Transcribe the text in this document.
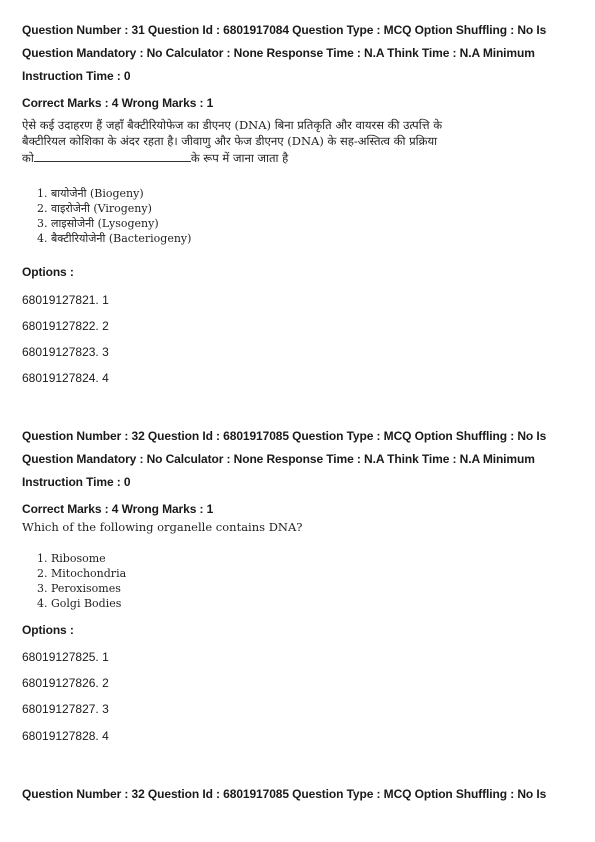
Question Number : 31 Question Id : 6801917084 Question Type : MCQ Option Shuffling : No Is
Question Mandatory : No Calculator : None Response Time : N.A Think Time : N.A Minimum
Instruction Time : 0
Correct Marks : 4 Wrong Marks : 1
ऐसे कई उदाहरण हैं जहाँ बैक्टीरियोफेज का डीएनए (DNA) बिना प्रतिकृति और वायरस की उत्पत्ति के
बैक्टीरियल कोशिका के अंदर रहता है। जीवाणु और फेज डीएनए (DNA) के सह-अस्तित्व की प्रक्रिया
को	के रूप में जाना जाता है
1. बायोजेनी (Biogeny)
2. वाइरोजेनी (Virogeny)
3. लाइसोजेनी (Lysogeny)
4. बैक्टीरियोजेनी (Bacteriogeny)
Options :
68019127821. 1
68019127822. 2
68019127823. 3
68019127824. 4
Question Number : 32 Question Id : 6801917085 Question Type : MCQ Option Shuffling : No Is
Question Mandatory : No Calculator : None Response Time : N.A Think Time : N.A Minimum
Instruction Time : 0
Correct Marks : 4 Wrong Marks : 1
Which of the following organelle contains DNA?
1. Ribosome
2. Mitochondria
3. Peroxisomes
4. Golgi Bodies
Options :
68019127825. 1
68019127826. 2
68019127827. 3
68019127828. 4
Question Number : 32 Question Id : 6801917085 Question Type : MCQ Option Shuffling : No Is
